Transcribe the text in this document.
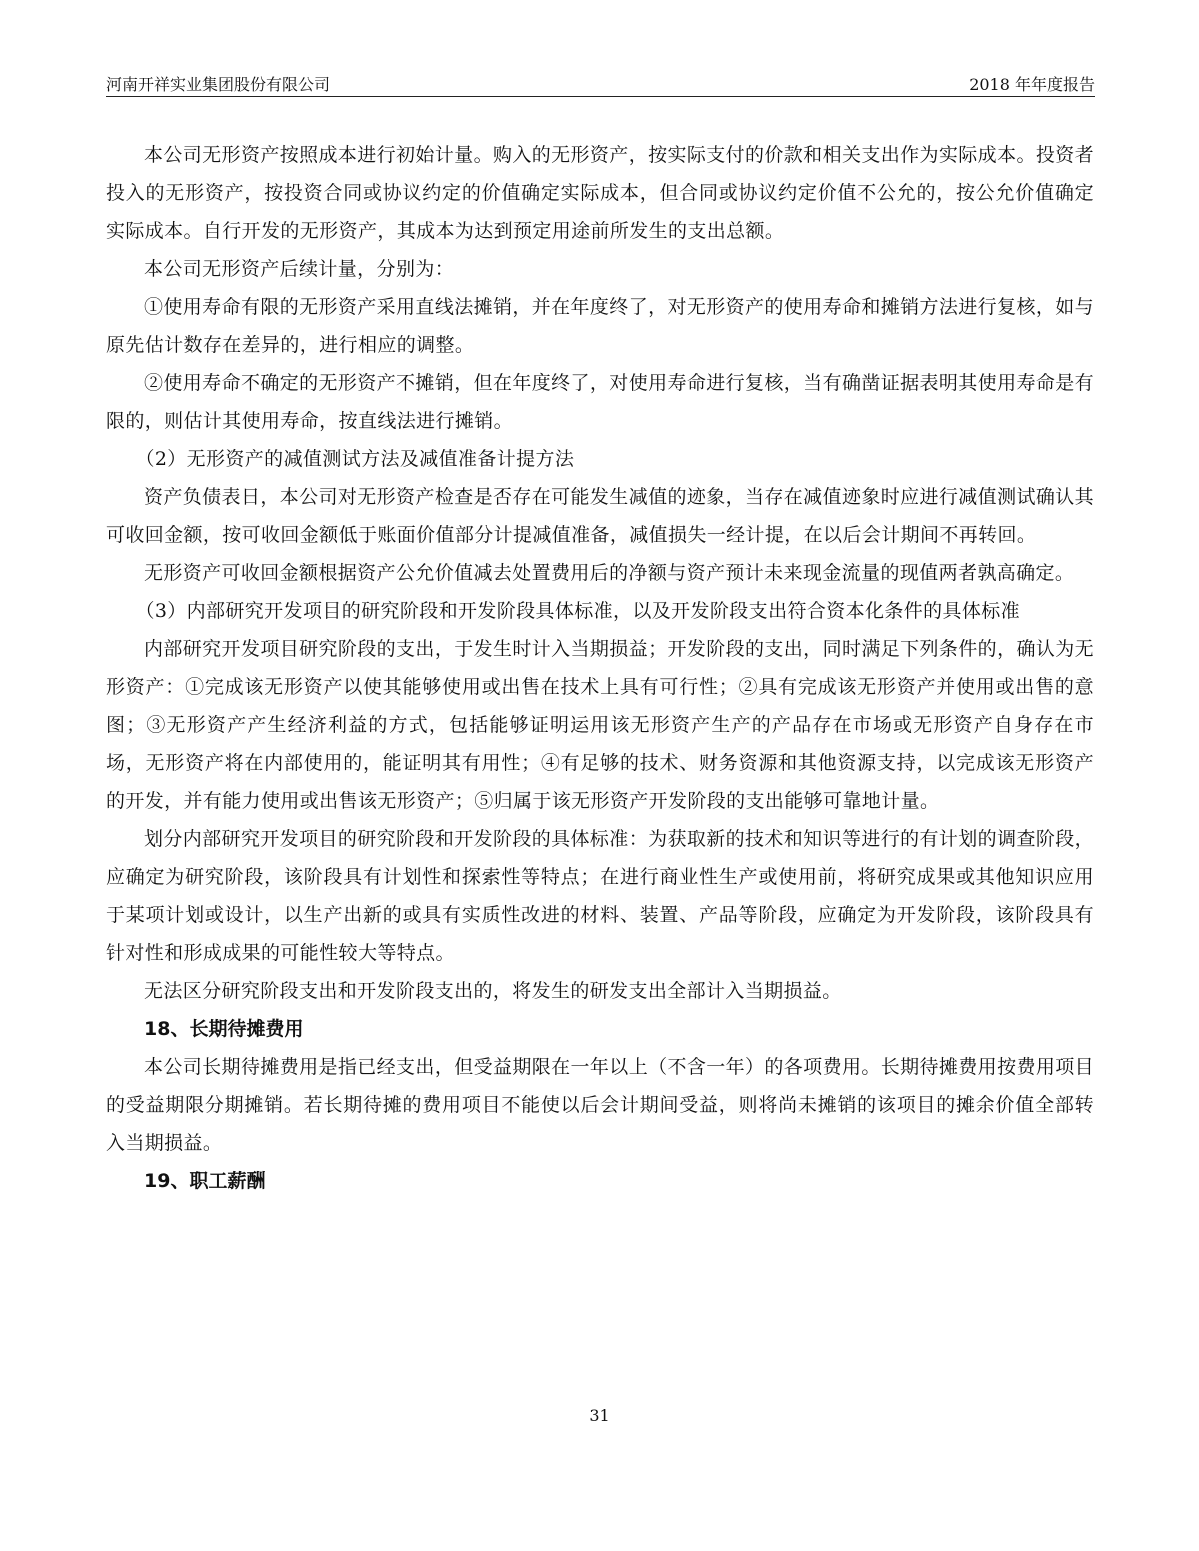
河南开祥实业集团股份有限公司	2018 年年度报告

本公司无形资产按照成本进行初始计量。购入的无形资产，按实际支付的价款和相关支出作为实际成本。投资者投入的无形资产，按投资合同或协议约定的价值确定实际成本，但合同或协议约定价值不公允的，按公允价值确定实际成本。自行开发的无形资产，其成本为达到预定用途前所发生的支出总额。

本公司无形资产后续计量，分别为：

①使用寿命有限的无形资产采用直线法摊销，并在年度终了，对无形资产的使用寿命和摊销方法进行复核，如与原先估计数存在差异的，进行相应的调整。

②使用寿命不确定的无形资产不摊销，但在年度终了，对使用寿命进行复核，当有确凿证据表明其使用寿命是有限的，则估计其使用寿命，按直线法进行摊销。

（2）无形资产的减值测试方法及减值准备计提方法

资产负债表日，本公司对无形资产检查是否存在可能发生减值的迹象，当存在减值迹象时应进行减值测试确认其可收回金额，按可收回金额低于账面价值部分计提减值准备，减值损失一经计提，在以后会计期间不再转回。

无形资产可收回金额根据资产公允价值减去处置费用后的净额与资产预计未来现金流量的现值两者孰高确定。

（3）内部研究开发项目的研究阶段和开发阶段具体标准，以及开发阶段支出符合资本化条件的具体标准

内部研究开发项目研究阶段的支出，于发生时计入当期损益；开发阶段的支出，同时满足下列条件的，确认为无形资产：①完成该无形资产以使其能够使用或出售在技术上具有可行性；②具有完成该无形资产并使用或出售的意图；③无形资产产生经济利益的方式，包括能够证明运用该无形资产生产的产品存在市场或无形资产自身存在市场，无形资产将在内部使用的，能证明其有用性；④有足够的技术、财务资源和其他资源支持，以完成该无形资产的开发，并有能力使用或出售该无形资产；⑤归属于该无形资产开发阶段的支出能够可靠地计量。

划分内部研究开发项目的研究阶段和开发阶段的具体标准：为获取新的技术和知识等进行的有计划的调查阶段，应确定为研究阶段，该阶段具有计划性和探索性等特点；在进行商业性生产或使用前，将研究成果或其他知识应用于某项计划或设计，以生产出新的或具有实质性改进的材料、装置、产品等阶段，应确定为开发阶段，该阶段具有针对性和形成成果的可能性较大等特点。

无法区分研究阶段支出和开发阶段支出的，将发生的研发支出全部计入当期损益。

18、长期待摊费用

本公司长期待摊费用是指已经支出，但受益期限在一年以上（不含一年）的各项费用。长期待摊费用按费用项目的受益期限分期摊销。若长期待摊的费用项目不能使以后会计期间受益，则将尚未摊销的该项目的摊余价值全部转入当期损益。

19、职工薪酬

31
